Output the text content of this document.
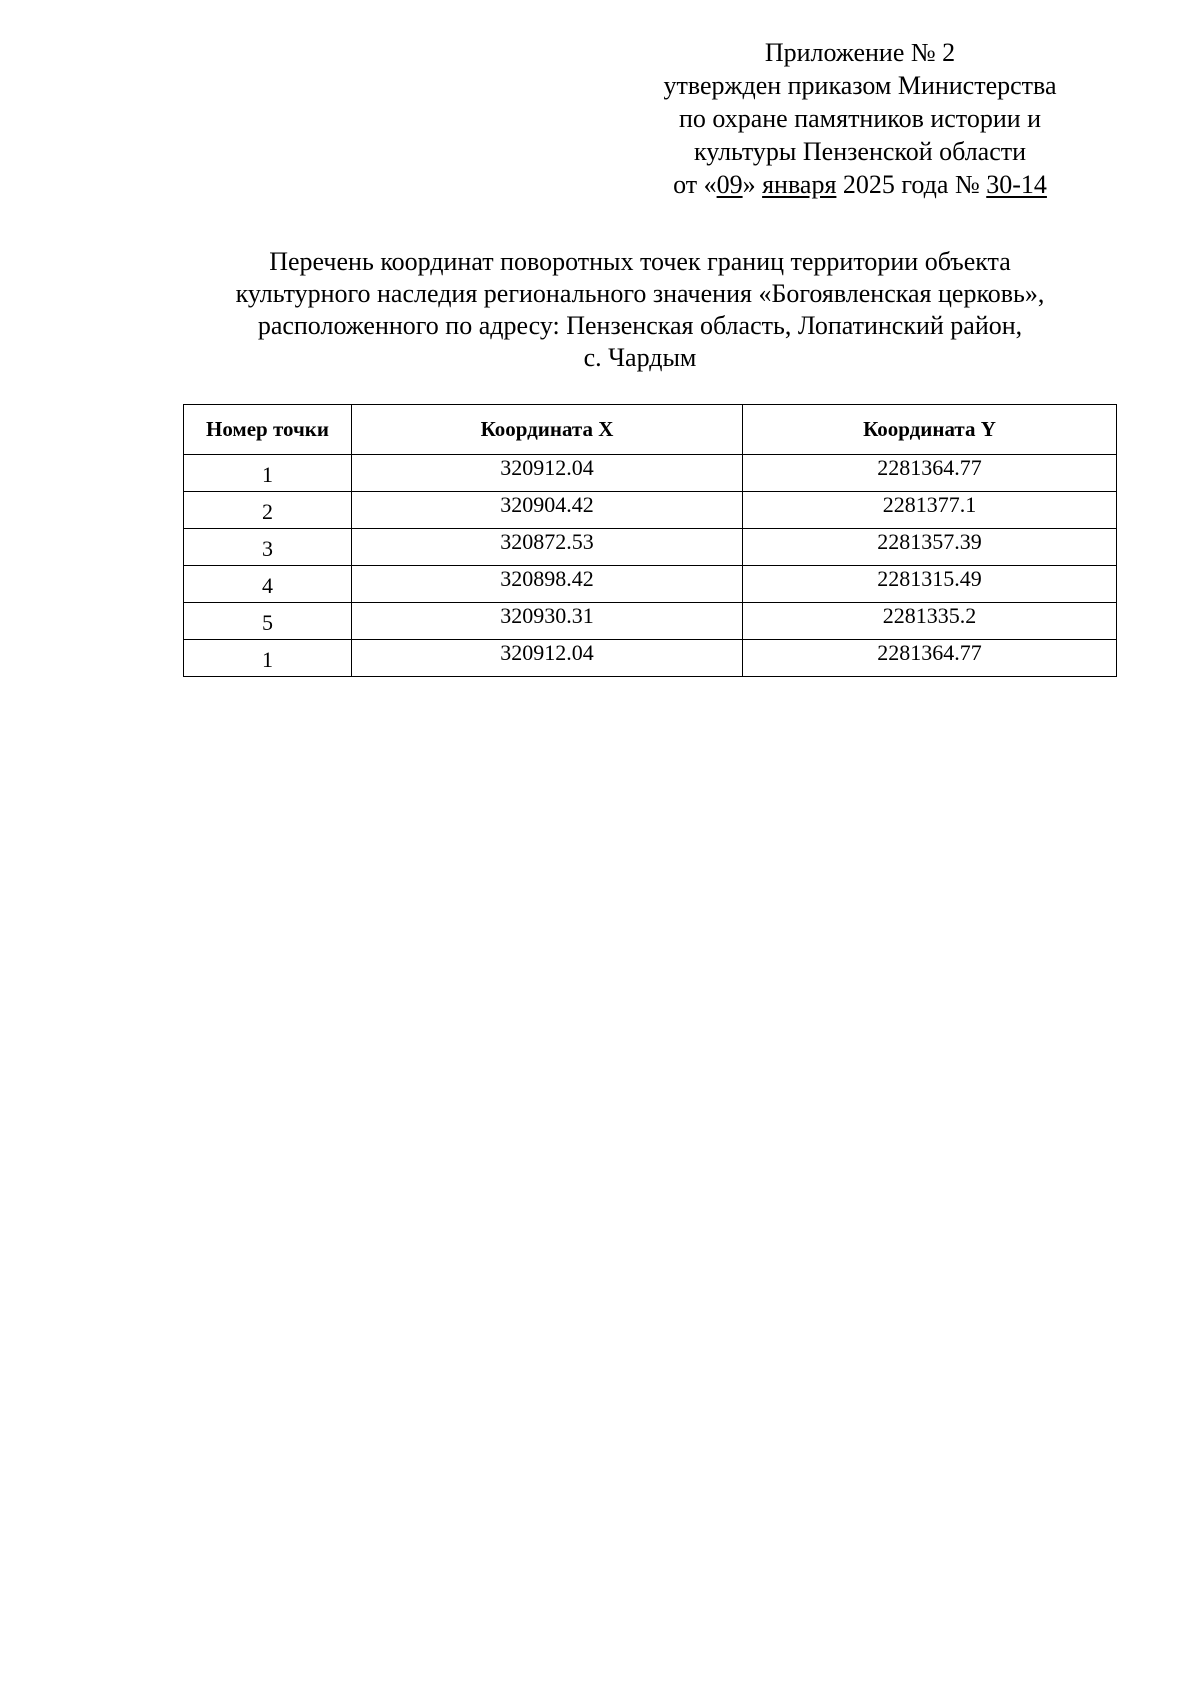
Приложение № 2
утвержден приказом Министерства
по охране памятников истории и
культуры Пензенской области
от «09» января 2025 года № 30-14
Перечень координат поворотных точек границ территории объекта
культурного наследия регионального значения «Богоявленская церковь»,
расположенного по адресу: Пензенская область, Лопатинский район,
с. Чардым
Номер точки	Координата X	Координата Y
1	320912.04	2281364.77
2	320904.42	2281377.1
3	320872.53	2281357.39
4	320898.42	2281315.49
5	320930.31	2281335.2
1	320912.04	2281364.77
